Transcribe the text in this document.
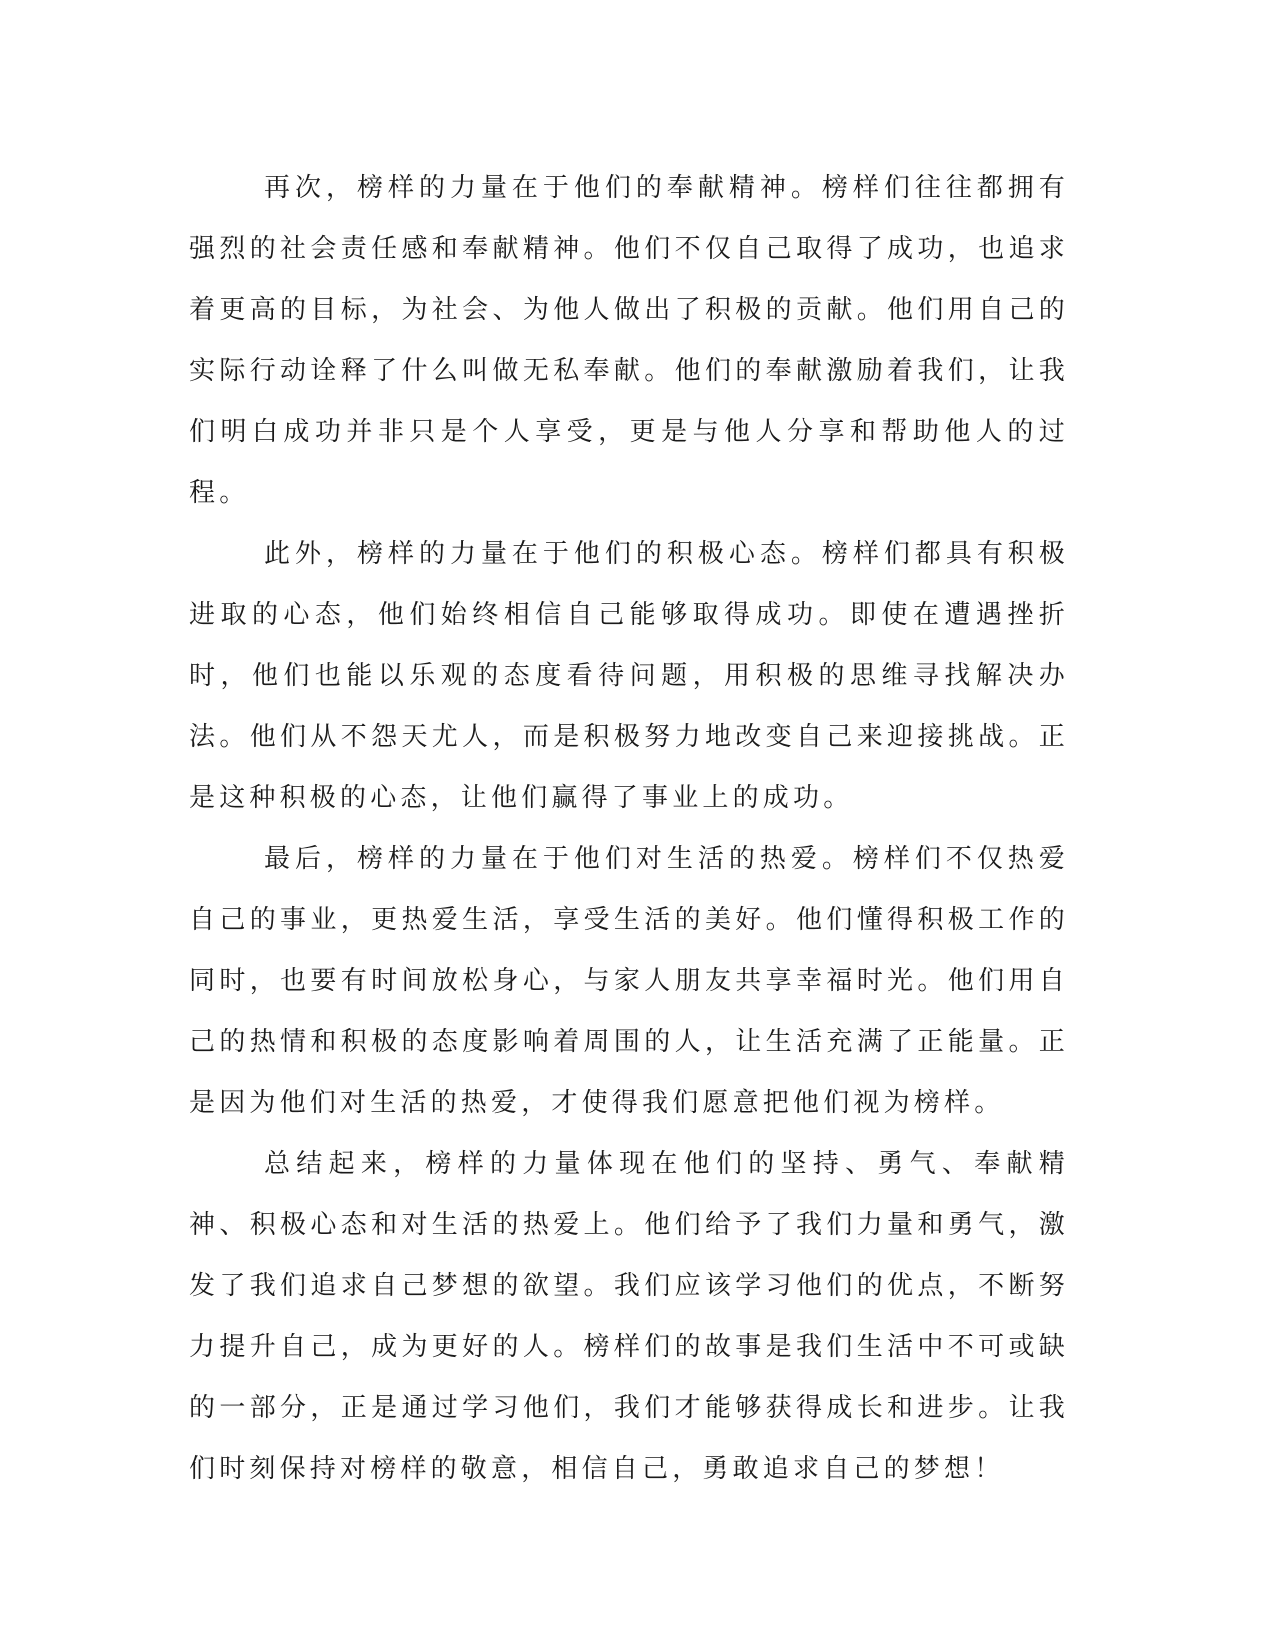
再次，榜样的力量在于他们的奉献精神。榜样们往往都拥有强烈的社会责任感和奉献精神。他们不仅自己取得了成功，也追求着更高的目标，为社会、为他人做出了积极的贡献。他们用自己的实际行动诠释了什么叫做无私奉献。他们的奉献激励着我们，让我们明白成功并非只是个人享受，更是与他人分享和帮助他人的过程。

此外，榜样的力量在于他们的积极心态。榜样们都具有积极进取的心态，他们始终相信自己能够取得成功。即使在遭遇挫折时，他们也能以乐观的态度看待问题，用积极的思维寻找解决办法。他们从不怨天尤人，而是积极努力地改变自己来迎接挑战。正是这种积极的心态，让他们赢得了事业上的成功。

最后，榜样的力量在于他们对生活的热爱。榜样们不仅热爱自己的事业，更热爱生活，享受生活的美好。他们懂得积极工作的同时，也要有时间放松身心，与家人朋友共享幸福时光。他们用自己的热情和积极的态度影响着周围的人，让生活充满了正能量。正是因为他们对生活的热爱，才使得我们愿意把他们视为榜样。

总结起来，榜样的力量体现在他们的坚持、勇气、奉献精神、积极心态和对生活的热爱上。他们给予了我们力量和勇气，激发了我们追求自己梦想的欲望。我们应该学习他们的优点，不断努力提升自己，成为更好的人。榜样们的故事是我们生活中不可或缺的一部分，正是通过学习他们，我们才能够获得成长和进步。让我们时刻保持对榜样的敬意，相信自己，勇敢追求自己的梦想！
